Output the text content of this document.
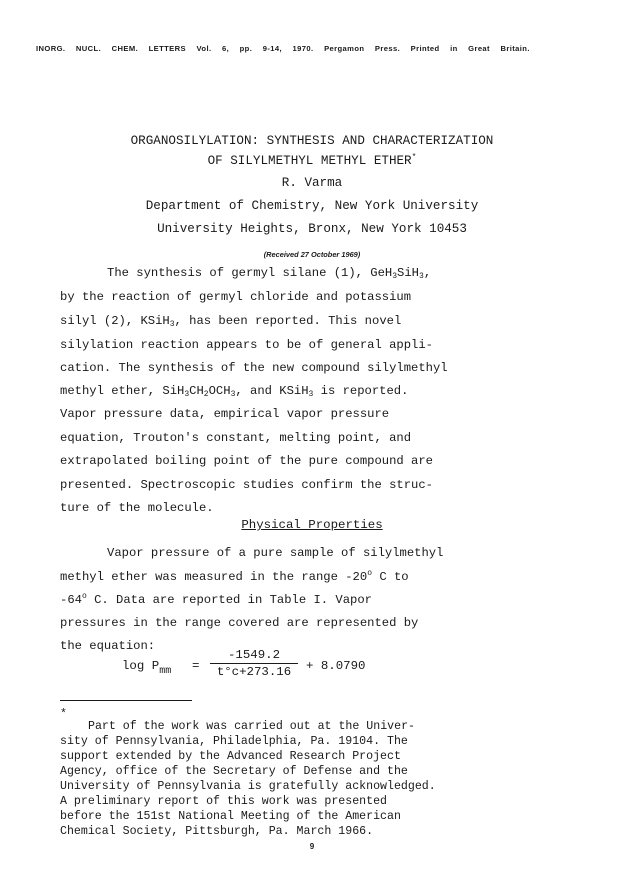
INORG. NUCL. CHEM. LETTERS Vol. 6, pp. 9-14, 1970. Pergamon Press. Printed in Great Britain.
ORGANOSILYLATION: SYNTHESIS AND CHARACTERIZATION
OF SILYLMETHYL METHYL ETHER*
R. Varma
Department of Chemistry, New York University
University Heights, Bronx, New York 10453
(Received 27 October 1969)
The synthesis of germyl silane (1), GeH$_3$SiH$_3$,
by the reaction of germyl chloride and potassium
silyl (2), KSiH$_3$, has been reported. This novel
silylation reaction appears to be of general appli-
cation. The synthesis of the new compound silylmethyl
methyl ether, $SiH_3CH_2OCH_3$, and KSiH$_3$ is reported.
Vapor pressure data, empirical vapor pressure
equation, Trouton's constant, melting point, and
extrapolated boiling point of the pure compound are
presented. Spectroscopic studies confirm the struc-
ture of the molecule.
Physical Properties
Vapor pressure of a pure sample of silylmethyl
methyl ether was measured in the range -20$^o$ C to
-64$^o$ C. Data are reported in Table I. Vapor
pressures in the range covered are represented by
the equation:
$\log P_{mm} = \frac{-1549.2}{t^\circ c+273.16} + 8.0790$
*
Part of the work was carried out at the Univer-
sity of Pennsylvania, Philadelphia, Pa. 19104. The
support extended by the Advanced Research Project
Agency, office of the Secretary of Defense and the
University of Pennsylvania is gratefully acknowledged.
A preliminary report of this work was presented
before the 151st National Meeting of the American
Chemical Society, Pittsburgh, Pa. March 1966.
9
